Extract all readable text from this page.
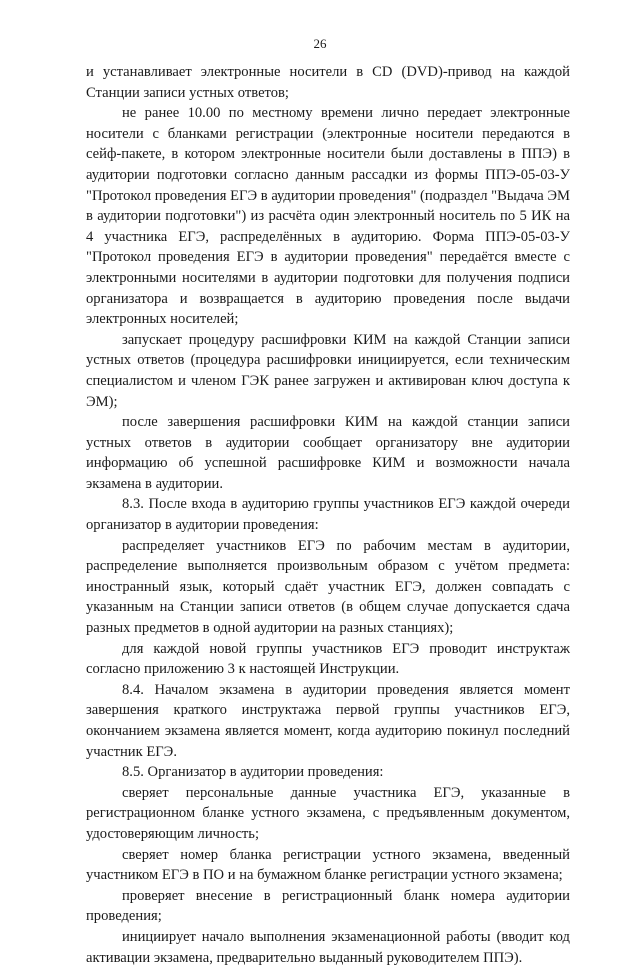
26

и устанавливает электронные носители в CD (DVD)-привод на каждой Станции записи устных ответов;

не ранее 10.00 по местному времени лично передает электронные носители с бланками регистрации (электронные носители передаются в сейф-пакете, в котором электронные носители были доставлены в ППЭ) в аудитории подготовки согласно данным рассадки из формы ППЭ-05-03-У "Протокол проведения ЕГЭ в аудитории проведения" (подраздел "Выдача ЭМ в аудитории подготовки") из расчёта один электронный носитель по 5 ИК на 4 участника ЕГЭ, распределённых в аудиторию. Форма ППЭ-05-03-У "Протокол проведения ЕГЭ в аудитории проведения" передаётся вместе с электронными носителями в аудитории подготовки для получения подписи организатора и возвращается в аудиторию проведения после выдачи электронных носителей;

запускает процедуру расшифровки КИМ на каждой Станции записи устных ответов (процедура расшифровки инициируется, если техническим специалистом и членом ГЭК ранее загружен и активирован ключ доступа к ЭМ);

после завершения расшифровки КИМ на каждой станции записи устных ответов в аудитории сообщает организатору вне аудитории информацию об успешной расшифровке КИМ и возможности начала экзамена в аудитории.

8.3. После входа в аудиторию группы участников ЕГЭ каждой очереди организатор в аудитории проведения:

распределяет участников ЕГЭ по рабочим местам в аудитории, распределение выполняется произвольным образом с учётом предмета: иностранный язык, который сдаёт участник ЕГЭ, должен совпадать с указанным на Станции записи ответов (в общем случае допускается сдача разных предметов в одной аудитории на разных станциях);

для каждой новой группы участников ЕГЭ проводит инструктаж согласно приложению 3 к настоящей Инструкции.

8.4. Началом экзамена в аудитории проведения является момент завершения краткого инструктажа первой группы участников ЕГЭ, окончанием экзамена является момент, когда аудиторию покинул последний участник ЕГЭ.

8.5. Организатор в аудитории проведения:

сверяет персональные данные участника ЕГЭ, указанные в регистрационном бланке устного экзамена, с предъявленным документом, удостоверяющим личность;

сверяет номер бланка регистрации устного экзамена, введенный участником ЕГЭ в ПО и на бумажном бланке регистрации устного экзамена;

проверяет внесение в регистрационный бланк номера аудитории проведения;

инициирует начало выполнения экзаменационной работы (вводит код активации экзамена, предварительно выданный руководителем ППЭ).
